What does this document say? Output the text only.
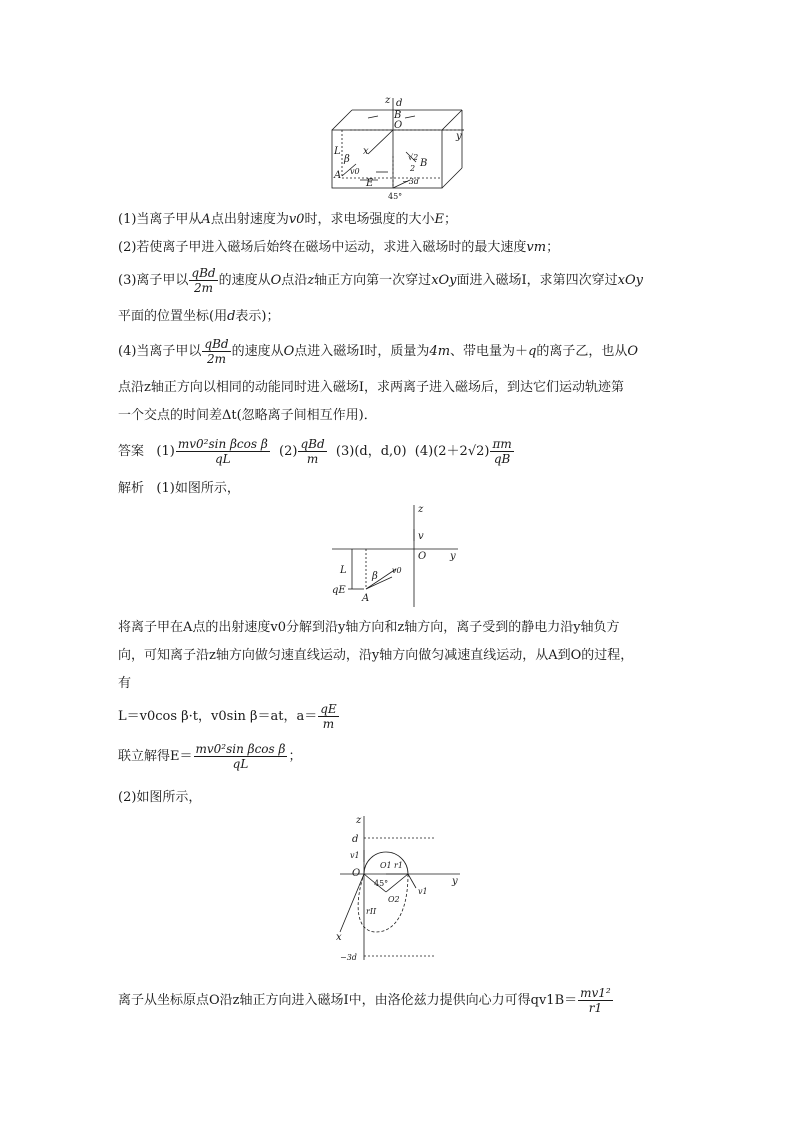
z d
B
O
y
x
L
β
A v0
√2
2 B
E	−3d
45°
(1)当离子甲从A点出射速度为v0时，求电场强度的大小E；
(2)若使离子甲进入磁场后始终在磁场中运动，求进入磁场时的最大速度vm；
(3)离子甲以 $\frac{\text{qBd}}{2m}$ 的速度从O点沿z轴正方向第一次穿过xOy面进入磁场Ⅰ，求第四次穿过xOy
平面的位置坐标(用d表示)；
(4)当离子甲以 $\frac{\text{qBd}}{2m}$ 的速度从O点进入磁场Ⅰ时，质量为4m、带电量为＋q的离子乙，也从O
点沿z轴正方向以相同的动能同时进入磁场Ⅰ，求两离子进入磁场后，到达它们运动轨迹第
一个交点的时间差Δt(忽略离子间相互作用)．
答案 $(1) \frac{\text{mv0²sin βcos β}}{qL} (2) \frac{\text{qBd}}{m} (3)(d$，d,0) $(4)(2+2√2) \frac{\pi m}{qB}$
解析 (1)如图所示，
z
v
O y
L
β
v0
qE
A
将离子甲在A点的出射速度v0分解到沿y轴方向和z轴方向，离子受到的静电力沿y轴负方
向，可知离子沿z轴方向做匀速直线运动，沿y轴方向做匀减速直线运动，从A到O的过程，
有
L＝v0cos β·t，v0sin β＝at，$a= \frac{qE}{m}$
联立解得$E= \frac{\text{mv0²sin βcos β}}{qL}$ ；
(2)如图所示，
z
d
v1
O
O1 r1
45°
O2
rII
v1
y
x
−3d
离子从坐标原点O沿z轴正方向进入磁场Ⅰ中，由洛伦兹力提供向心力可得$qv1B= \frac{\text{mv1²}}{r1}$
